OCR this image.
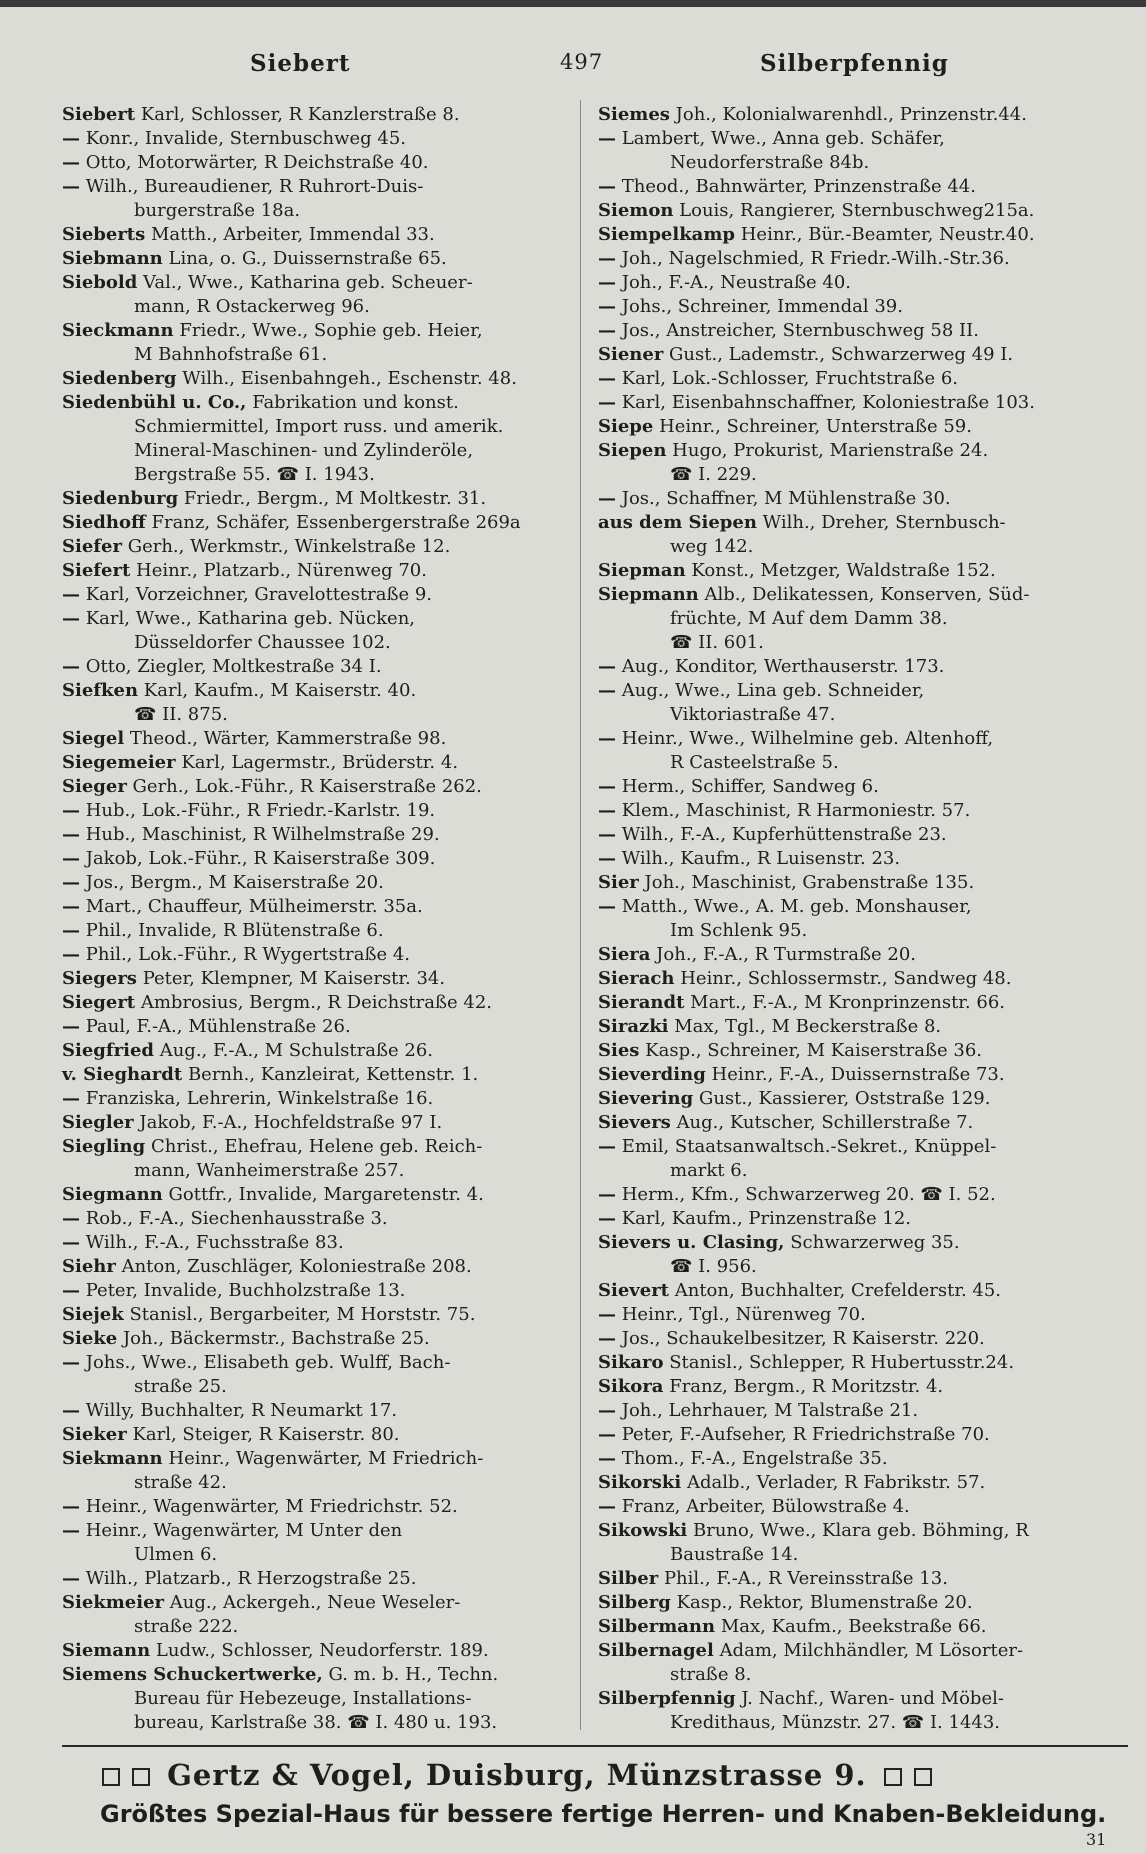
Siebert	497	Silberpfennig

Siebert Karl, Schlosser, R Kanzlerstraße 8.

— Konr., Invalide, Sternbuschweg 45.

— Otto, Motorwärter, R Deichstraße 40.

— Wilh., Bureaudiener, R Ruhrort-Duis-

burgerstraße 18a.

Sieberts Matth., Arbeiter, Immendal 33.

Siebmann Lina, o. G., Duissernstraße 65.

Siebold Val., Wwe., Katharina geb. Scheuer-

mann, R Ostackerweg 96.

Sieckmann Friedr., Wwe., Sophie geb. Heier,

M Bahnhofstraße 61.

Siedenberg Wilh., Eisenbahngeh., Eschenstr. 48.

Siedenbühl u. Co., Fabrikation und konst.

Schmiermittel, Import russ. und amerik.

Mineral-Maschinen- und Zylinderöle,

Bergstraße 55. ☎ I. 1943.

Siedenburg Friedr., Bergm., M Moltkestr. 31.

Siedhoff Franz, Schäfer, Essenbergerstraße 269a

Siefer Gerh., Werkmstr., Winkelstraße 12.

Siefert Heinr., Platzarb., Nürenweg 70.

— Karl, Vorzeichner, Gravelottestraße 9.

— Karl, Wwe., Katharina geb. Nücken,

Düsseldorfer Chaussee 102.

— Otto, Ziegler, Moltkestraße 34 I.

Siefken Karl, Kaufm., M Kaiserstr. 40.

☎ II. 875.

Siegel Theod., Wärter, Kammerstraße 98.

Siegemeier Karl, Lagermstr., Brüderstr. 4.

Sieger Gerh., Lok.-Führ., R Kaiserstraße 262.

— Hub., Lok.-Führ., R Friedr.-Karlstr. 19.

— Hub., Maschinist, R Wilhelmstraße 29.

— Jakob, Lok.-Führ., R Kaiserstraße 309.

— Jos., Bergm., M Kaiserstraße 20.

— Mart., Chauffeur, Mülheimerstr. 35a.

— Phil., Invalide, R Blütenstraße 6.

— Phil., Lok.-Führ., R Wygertstraße 4.

Siegers Peter, Klempner, M Kaiserstr. 34.

Siegert Ambrosius, Bergm., R Deichstraße 42.

— Paul, F.-A., Mühlenstraße 26.

Siegfried Aug., F.-A., M Schulstraße 26.

v. Sieghardt Bernh., Kanzleirat, Kettenstr. 1.

— Franziska, Lehrerin, Winkelstraße 16.

Siegler Jakob, F.-A., Hochfeldstraße 97 I.

Siegling Christ., Ehefrau, Helene geb. Reich-

mann, Wanheimerstraße 257.

Siegmann Gottfr., Invalide, Margaretenstr. 4.

— Rob., F.-A., Siechenhausstraße 3.

— Wilh., F.-A., Fuchsstraße 83.

Siehr Anton, Zuschläger, Koloniestraße 208.

— Peter, Invalide, Buchholzstraße 13.

Siejek Stanisl., Bergarbeiter, M Horststr. 75.

Sieke Joh., Bäckermstr., Bachstraße 25.

— Johs., Wwe., Elisabeth geb. Wulff, Bach-

straße 25.

— Willy, Buchhalter, R Neumarkt 17.

Sieker Karl, Steiger, R Kaiserstr. 80.

Siekmann Heinr., Wagenwärter, M Friedrich-

straße 42.

— Heinr., Wagenwärter, M Friedrichstr. 52.

— Heinr., Wagenwärter, M Unter den

Ulmen 6.

— Wilh., Platzarb., R Herzogstraße 25.

Siekmeier Aug., Ackergeh., Neue Weseler-

straße 222.

Siemann Ludw., Schlosser, Neudorferstr. 189.

Siemens Schuckertwerke, G. m. b. H., Techn.

Bureau für Hebezeuge, Installations-

bureau, Karlstraße 38. ☎ I. 480 u. 193.

Siemes Joh., Kolonialwarenhdl., Prinzenstr.44.

— Lambert, Wwe., Anna geb. Schäfer,

Neudorferstraße 84b.

— Theod., Bahnwärter, Prinzenstraße 44.

Siemon Louis, Rangierer, Sternbuschweg215a.

Siempelkamp Heinr., Bür.-Beamter, Neustr.40.

— Joh., Nagelschmied, R Friedr.-Wilh.-Str.36.

— Joh., F.-A., Neustraße 40.

— Johs., Schreiner, Immendal 39.

— Jos., Anstreicher, Sternbuschweg 58 II.

Siener Gust., Lademstr., Schwarzerweg 49 I.

— Karl, Lok.-Schlosser, Fruchtstraße 6.

— Karl, Eisenbahnschaffner, Koloniestraße 103.

Siepe Heinr., Schreiner, Unterstraße 59.

Siepen Hugo, Prokurist, Marienstraße 24.

☎ I. 229.

— Jos., Schaffner, M Mühlenstraße 30.

aus dem Siepen Wilh., Dreher, Sternbusch-

weg 142.

Siepman Konst., Metzger, Waldstraße 152.

Siepmann Alb., Delikatessen, Konserven, Süd-

früchte, M Auf dem Damm 38.

☎ II. 601.

— Aug., Konditor, Werthauserstr. 173.

— Aug., Wwe., Lina geb. Schneider,

Viktoriastraße 47.

— Heinr., Wwe., Wilhelmine geb. Altenhoff,

R Casteelstraße 5.

— Herm., Schiffer, Sandweg 6.

— Klem., Maschinist, R Harmoniestr. 57.

— Wilh., F.-A., Kupferhüttenstraße 23.

— Wilh., Kaufm., R Luisenstr. 23.

Sier Joh., Maschinist, Grabenstraße 135.

— Matth., Wwe., A. M. geb. Monshauser,

Im Schlenk 95.

Siera Joh., F.-A., R Turmstraße 20.

Sierach Heinr., Schlossermstr., Sandweg 48.

Sierandt Mart., F.-A., M Kronprinzenstr. 66.

Sirazki Max, Tgl., M Beckerstraße 8.

Sies Kasp., Schreiner, M Kaiserstraße 36.

Sieverding Heinr., F.-A., Duissernstraße 73.

Sievering Gust., Kassierer, Oststraße 129.

Sievers Aug., Kutscher, Schillerstraße 7.

— Emil, Staatsanwaltsch.-Sekret., Knüppel-

markt 6.

— Herm., Kfm., Schwarzerweg 20. ☎ I. 52.

— Karl, Kaufm., Prinzenstraße 12.

Sievers u. Clasing, Schwarzerweg 35.

☎ I. 956.

Sievert Anton, Buchhalter, Crefelderstr. 45.

— Heinr., Tgl., Nürenweg 70.

— Jos., Schaukelbesitzer, R Kaiserstr. 220.

Sikaro Stanisl., Schlepper, R Hubertusstr.24.

Sikora Franz, Bergm., R Moritzstr. 4.

— Joh., Lehrhauer, M Talstraße 21.

— Peter, F.-Aufseher, R Friedrichstraße 70.

— Thom., F.-A., Engelstraße 35.

Sikorski Adalb., Verlader, R Fabrikstr. 57.

— Franz, Arbeiter, Bülowstraße 4.

Sikowski Bruno, Wwe., Klara geb. Böhming, R

Baustraße 14.

Silber Phil., F.-A., R Vereinsstraße 13.

Silberg Kasp., Rektor, Blumenstraße 20.

Silbermann Max, Kaufm., Beekstraße 66.

Silbernagel Adam, Milchhändler, M Lösorter-

straße 8.

Silberpfennig J. Nachf., Waren- und Möbel-

Kredithaus, Münzstr. 27. ☎ I. 1443.

Gertz & Vogel, Duisburg, Münzstrasse 9.
Größtes Spezial-Haus für bessere fertige Herren- und Knaben-Bekleidung.
31
